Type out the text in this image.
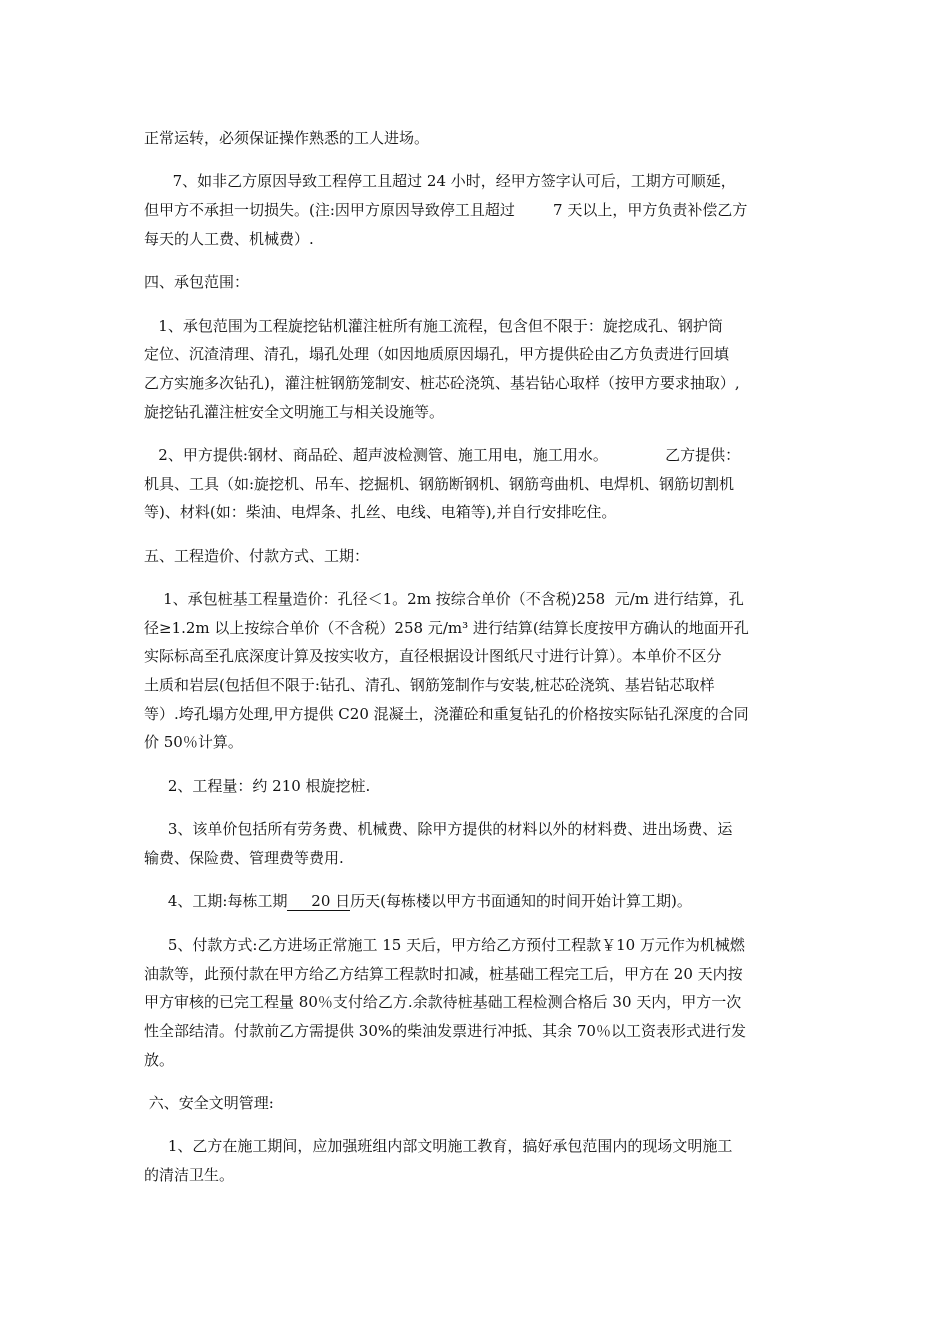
正常运转，必须保证操作熟悉的工人进场。

7、如非乙方原因导致工程停工且超过 24 小时，经甲方签字认可后，工期方可顺延，

但甲方不承担一切损失。(注:因甲方原因导致停工且超过        7 天以上，甲方负责补偿乙方

每天的人工费、机械费）.

四、承包范围：

1、承包范围为工程旋挖钻机灌注桩所有施工流程，包含但不限于：旋挖成孔、钢护筒

定位、沉渣清理、清孔，塌孔处理（如因地质原因塌孔，甲方提供砼由乙方负责进行回填

乙方实施多次钻孔)，灌注桩钢筋笼制安、桩芯砼浇筑、基岩钻心取样（按甲方要求抽取）,

旋挖钻孔灌注桩安全文明施工与相关设施等。

2、甲方提供:钢材、商品砼、超声波检测管、施工用电，施工用水。            乙方提供：

机具、工具（如:旋挖机、吊车、挖掘机、钢筋断钢机、钢筋弯曲机、电焊机、钢筋切割机

等)、材料(如：柴油、电焊条、扎丝、电线、电箱等),并自行安排吃住。

五、工程造价、付款方式、工期：

1、承包桩基工程量造价：孔径＜1。2m 按综合单价（不含税)258  元/m 进行结算，孔

径≥1.2m 以上按综合单价（不含税）258 元/m³ 进行结算(结算长度按甲方确认的地面开孔

实际标高至孔底深度计算及按实收方，直径根据设计图纸尺寸进行计算）。本单价不区分

土质和岩层(包括但不限于:钻孔、清孔、钢筋笼制作与安装,桩芯砼浇筑、基岩钻芯取样

等）.垮孔塌方处理,甲方提供 C20 混凝土，浇灌砼和重复钻孔的价格按实际钻孔深度的合同

价 50％计算。

2、工程量：约 210 根旋挖桩.

3、该单价包括所有劳务费、机械费、除甲方提供的材料以外的材料费、进出场费、运

输费、保险费、管理费等费用.

4、工期:每栋工期     20 日历天(每栋楼以甲方书面通知的时间开始计算工期)。

5、付款方式:乙方进场正常施工 15 天后，甲方给乙方预付工程款￥10 万元作为机械燃

油款等，此预付款在甲方给乙方结算工程款时扣减，桩基础工程完工后，甲方在 20 天内按

甲方审核的已完工程量 80％支付给乙方.余款待桩基础工程检测合格后 30 天内，甲方一次

性全部结清。付款前乙方需提供 30%的柴油发票进行冲抵、其余 70％以工资表形式进行发

放。

六、安全文明管理:

1、乙方在施工期间，应加强班组内部文明施工教育，搞好承包范围内的现场文明施工

的清洁卫生。
